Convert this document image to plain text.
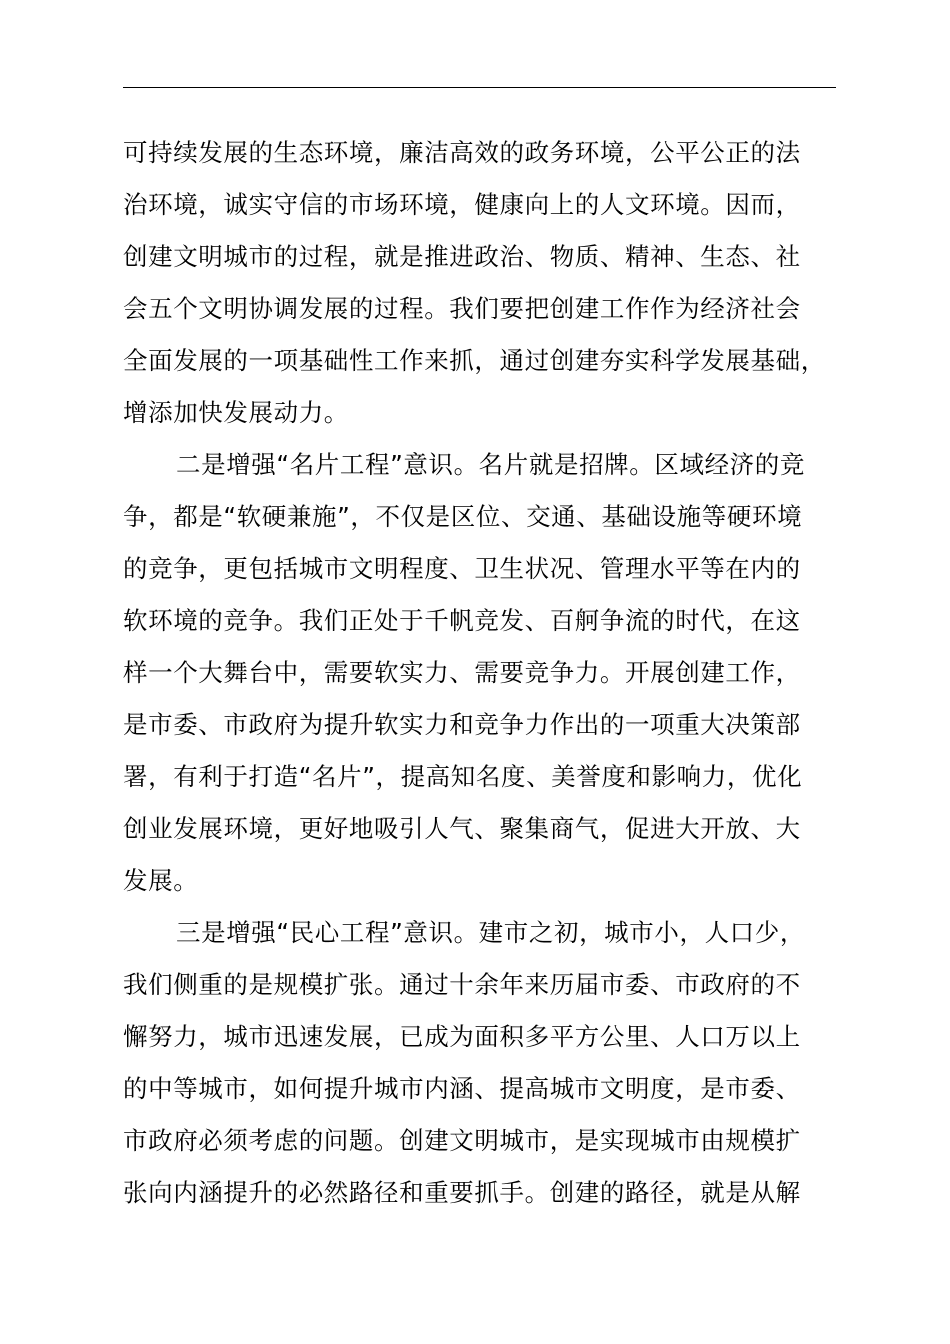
可持续发展的生态环境，廉洁高效的政务环境，公平公正的法
治环境，诚实守信的市场环境，健康向上的人文环境。因而，
创建文明城市的过程，就是推进政治、物质、精神、生态、社
会五个文明协调发展的过程。我们要把创建工作作为经济社会
全面发展的一项基础性工作来抓，通过创建夯实科学发展基础，
增添加快发展动力。
二是增强“名片工程”意识。名片就是招牌。区域经济的竞
争，都是“软硬兼施”，不仅是区位、交通、基础设施等硬环境
的竞争，更包括城市文明程度、卫生状况、管理水平等在内的
软环境的竞争。我们正处于千帆竞发、百舸争流的时代，在这
样一个大舞台中，需要软实力、需要竞争力。开展创建工作，
是市委、市政府为提升软实力和竞争力作出的一项重大决策部
署，有利于打造“名片”，提高知名度、美誉度和影响力，优化
创业发展环境，更好地吸引人气、聚集商气，促进大开放、大
发展。
三是增强“民心工程”意识。建市之初，城市小，人口少，
我们侧重的是规模扩张。通过十余年来历届市委、市政府的不
懈努力，城市迅速发展，已成为面积多平方公里、人口万以上
的中等城市，如何提升城市内涵、提高城市文明度，是市委、
市政府必须考虑的问题。创建文明城市，是实现城市由规模扩
张向内涵提升的必然路径和重要抓手。创建的路径，就是从解
